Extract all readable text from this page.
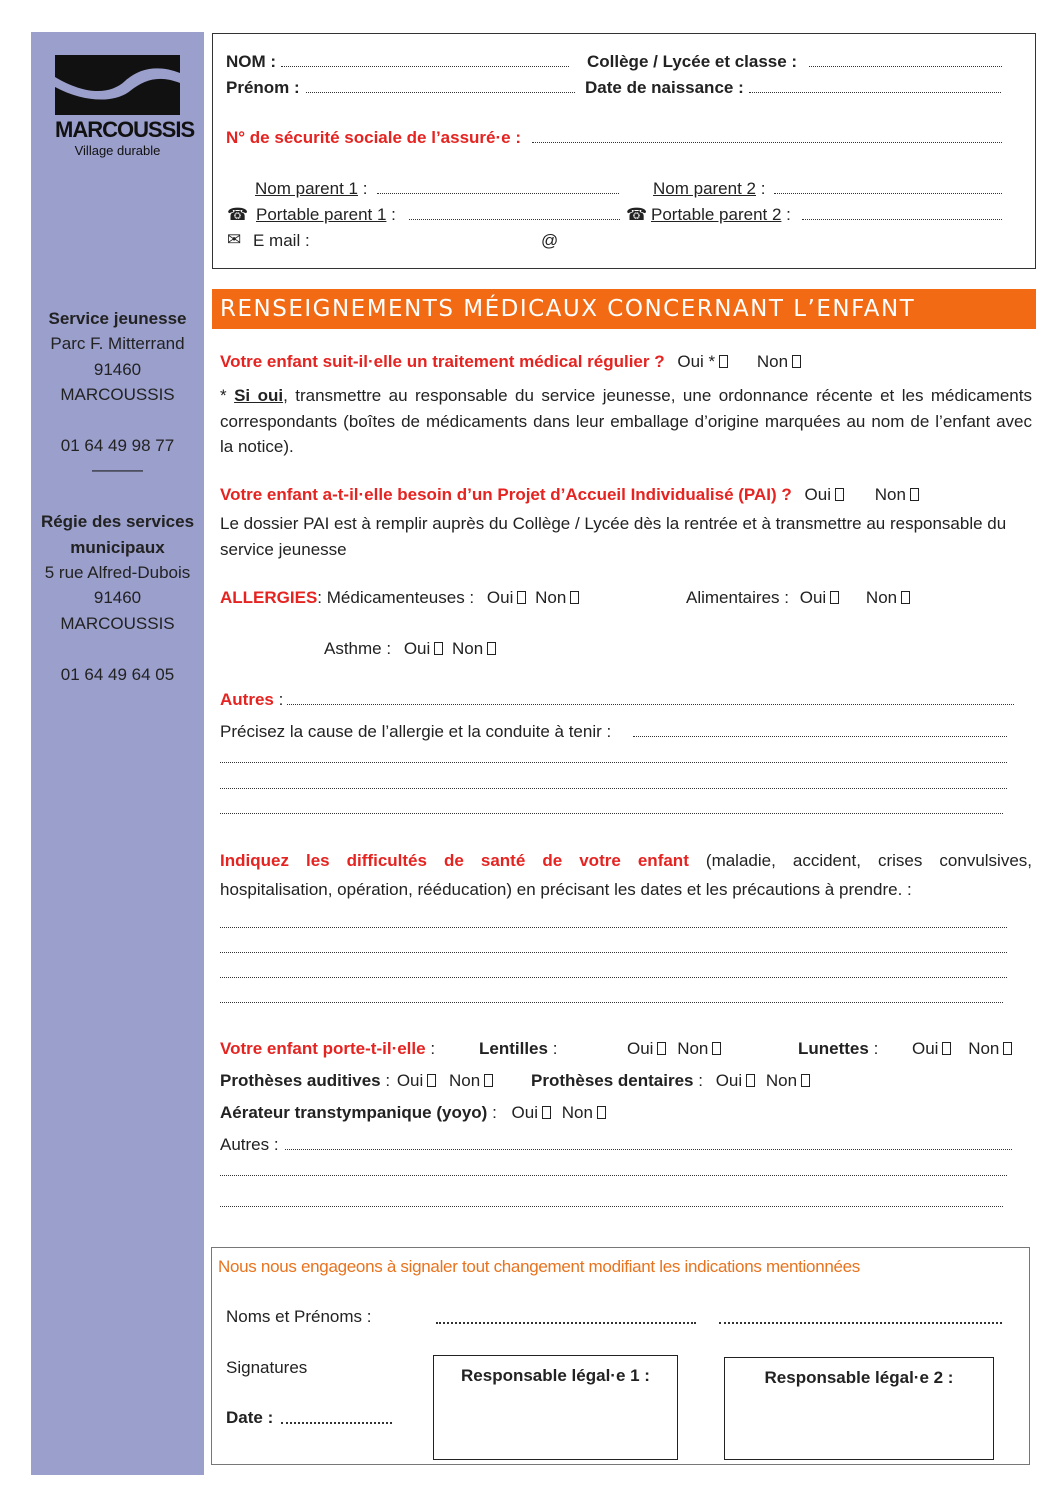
MARCOUSSIS
Village durable
Service jeunesse
Parc F. Mitterrand
91460
MARCOUSSIS
01 64 49 98 77
———
Régie des services
municipaux
5 rue Alfred-Dubois
91460
MARCOUSSIS
01 64 49 64 05
NOM :	Collège / Lycée et classe :
Prénom :	Date de naissance :
N° de sécurité sociale de l’assuré·e :
Nom parent 1 :	Nom parent 2 :
☎ Portable parent 1 :	☎ Portable parent 2 :
✉ E mail :	@
RENSEIGNEMENTS MÉDICAUX CONCERNANT L’ENFANT
Votre enfant suit-il·elle un traitement médical régulier ? Oui * Non
* Si oui, transmettre au responsable du service jeunesse, une ordonnance récente et les médicaments correspondants (boîtes de médicaments dans leur emballage d’origine marquées au nom de l’enfant avec la notice).
Votre enfant a-t-il·elle besoin d’un Projet d’Accueil Individualisé (PAI) ? Oui	Non
Le dossier PAI est à remplir auprès du Collège / Lycée dès la rentrée et à transmettre au responsable du service jeunesse
ALLERGIES: Médicamenteuses : Oui Non	Alimentaires : Oui Non
Asthme : Oui Non
Autres :
Précisez la cause de l’allergie et la conduite à tenir :
Indiquez les difficultés de santé de votre enfant (maladie, accident, crises convulsives,
hospitalisation, opération, rééducation) en précisant les dates et les précautions à prendre. :
Votre enfant porte-t-il·elle :	Lentilles :	Oui Non	Lunettes : Oui Non
Prothèses auditives : Oui Non	Prothèses dentaires : Oui Non
Aérateur transtympanique (yoyo) : Oui Non
Autres :
Nous nous engageons à signaler tout changement modifiant les indications mentionnées
Noms et Prénoms :
Signatures
Date :
Responsable légal·e 1 :	Responsable légal·e 2 :
